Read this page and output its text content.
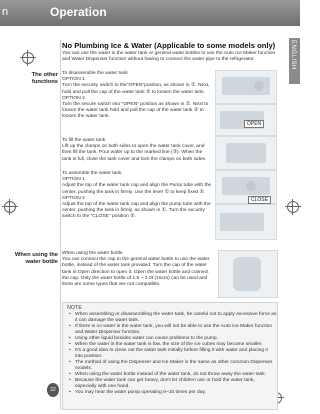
n	Operation
ENGLISH
The other
functions
When using the
water bottle
No Plumbing Ice & Water (Applicable to some models only)
You can use the water in the water tank or general water bottles to use the Auto Ice Maker function and Water Dispenser function without having to connect the water pipe to the refrigerator.
To disassemble the water tank
OPTION 1
Turn the security switch to the"OPEN"position, as shown in ①. Next, hold and pull the cap of the water tank ② to loosen the water tank.
OPTION 2
Turn the secure switch into "OPEN" position as shown in ①. Next to loosen the water tank hold and pull the cap of the water tank ② to loosen the water tank.
OPEN
To fill the water tank
Lift up the clamps on both sides to open the water tank cover, and then fill the tank. Pour water up to the marked line (③). When the tank is full, close the tank cover and lock the clamps on both sides.
To assemble the water tank
OPTION 1
Adjust the top of the water tank cap and align the Pump tube with the center, pushing the tank in firmly. Use the lever ① to keep fixed ②.
OPTION 2
Adjust the top of the water tank cap and align the pump tube with the center, pushing the tank in firmly, as shown in ①. Turn the security switch to the "CLOSE" position ②.
CLOSE
When using the water bottle
You can connect the cap to the general water bottle to use the water bottle, instead of the water tank provided. Turn the cap of the water tank in Open direction to open it. Open the water bottle and connect the cap. Only the water bottle of 1.5 ~ 2.0ℓ (15cm) can be used and there are some types that are not compatible.
NOTE
• When assembling or disassembling the water tank, be careful not to apply excessive force as it can damage the water tank.
• If there is no water in the water tank, you will not be able to use the Auto Ice Maker function and Water Dispenser function.
• Using other liquid besides water can cause problems to the pump.
• When the water in the water tank is low, the size of the ice cubes may become smaller.
• It's a good idea to clean out the water tank initially before filling it with water and placing it into position.
• The method of using the Dispenser and Ice Maker is the same as other common Dispenser models.
• When using the water bottle instead of the water tank, do not throw away the water tank.
• Because the water tank can get heavy, don't let children use or hold the water tank, especially with one hand.
• You may hear the water pump operating 9~10 times per day.
32
